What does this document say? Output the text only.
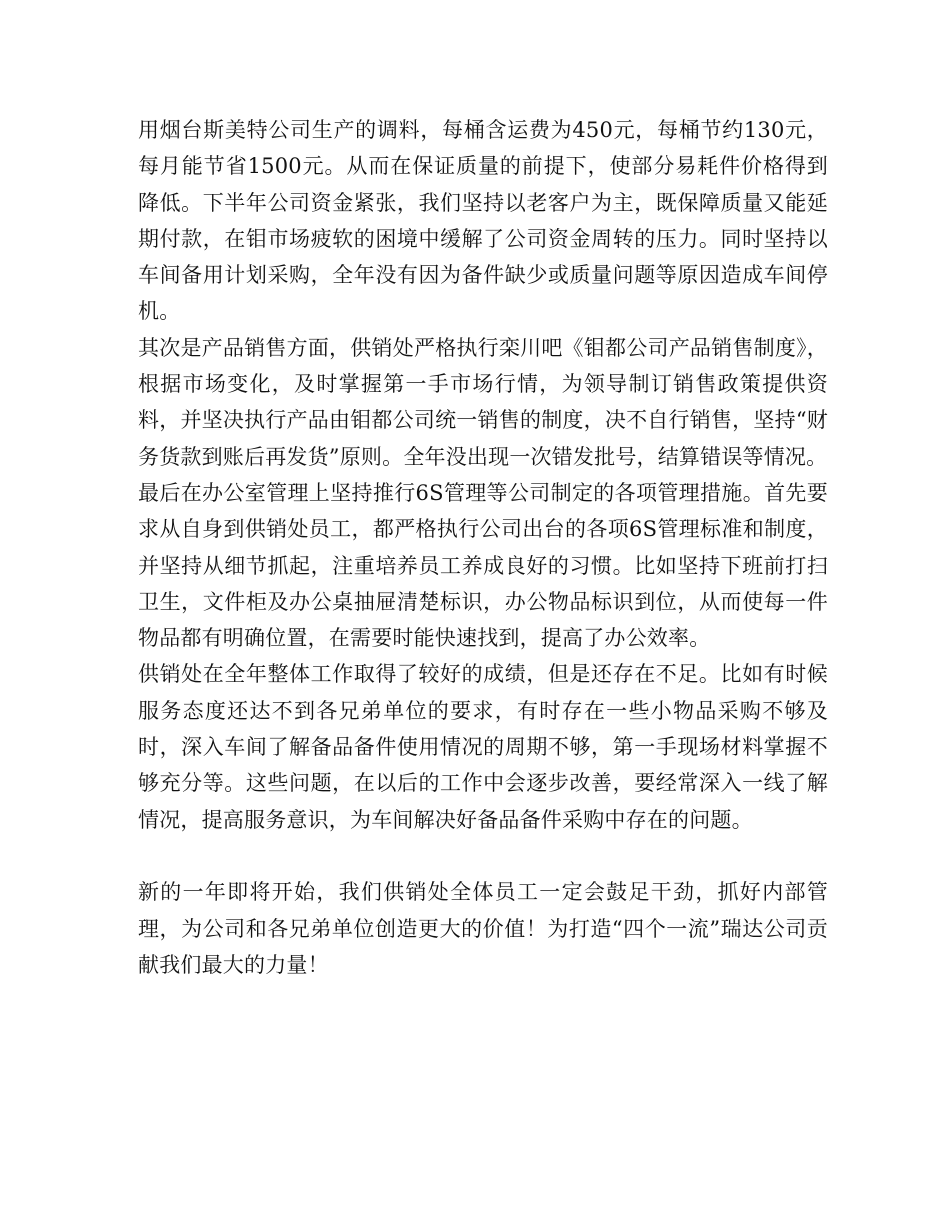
用烟台斯美特公司生产的调料，每桶含运费为450元，每桶节约130元，每月能节省1500元。从而在保证质量的前提下，使部分易耗件价格得到降低。下半年公司资金紧张，我们坚持以老客户为主，既保障质量又能延期付款，在钼市场疲软的困境中缓解了公司资金周转的压力。同时坚持以车间备用计划采购，全年没有因为备件缺少或质量问题等原因造成车间停机。

其次是产品销售方面，供销处严格执行栾川吧《钼都公司产品销售制度》，根据市场变化，及时掌握第一手市场行情，为领导制订销售政策提供资料，并坚决执行产品由钼都公司统一销售的制度，决不自行销售，坚持“财务货款到账后再发货”原则。全年没出现一次错发批号，结算错误等情况。

最后在办公室管理上坚持推行6S管理等公司制定的各项管理措施。首先要求从自身到供销处员工，都严格执行公司出台的各项6S管理标准和制度，并坚持从细节抓起，注重培养员工养成良好的习惯。比如坚持下班前打扫卫生，文件柜及办公桌抽屉清楚标识，办公物品标识到位，从而使每一件物品都有明确位置，在需要时能快速找到，提高了办公效率。

供销处在全年整体工作取得了较好的成绩，但是还存在不足。比如有时候服务态度还达不到各兄弟单位的要求，有时存在一些小物品采购不够及时，深入车间了解备品备件使用情况的周期不够，第一手现场材料掌握不够充分等。这些问题，在以后的工作中会逐步改善，要经常深入一线了解情况，提高服务意识，为车间解决好备品备件采购中存在的问题。

新的一年即将开始，我们供销处全体员工一定会鼓足干劲，抓好内部管理，为公司和各兄弟单位创造更大的价值！为打造“四个一流”瑞达公司贡献我们最大的力量！
